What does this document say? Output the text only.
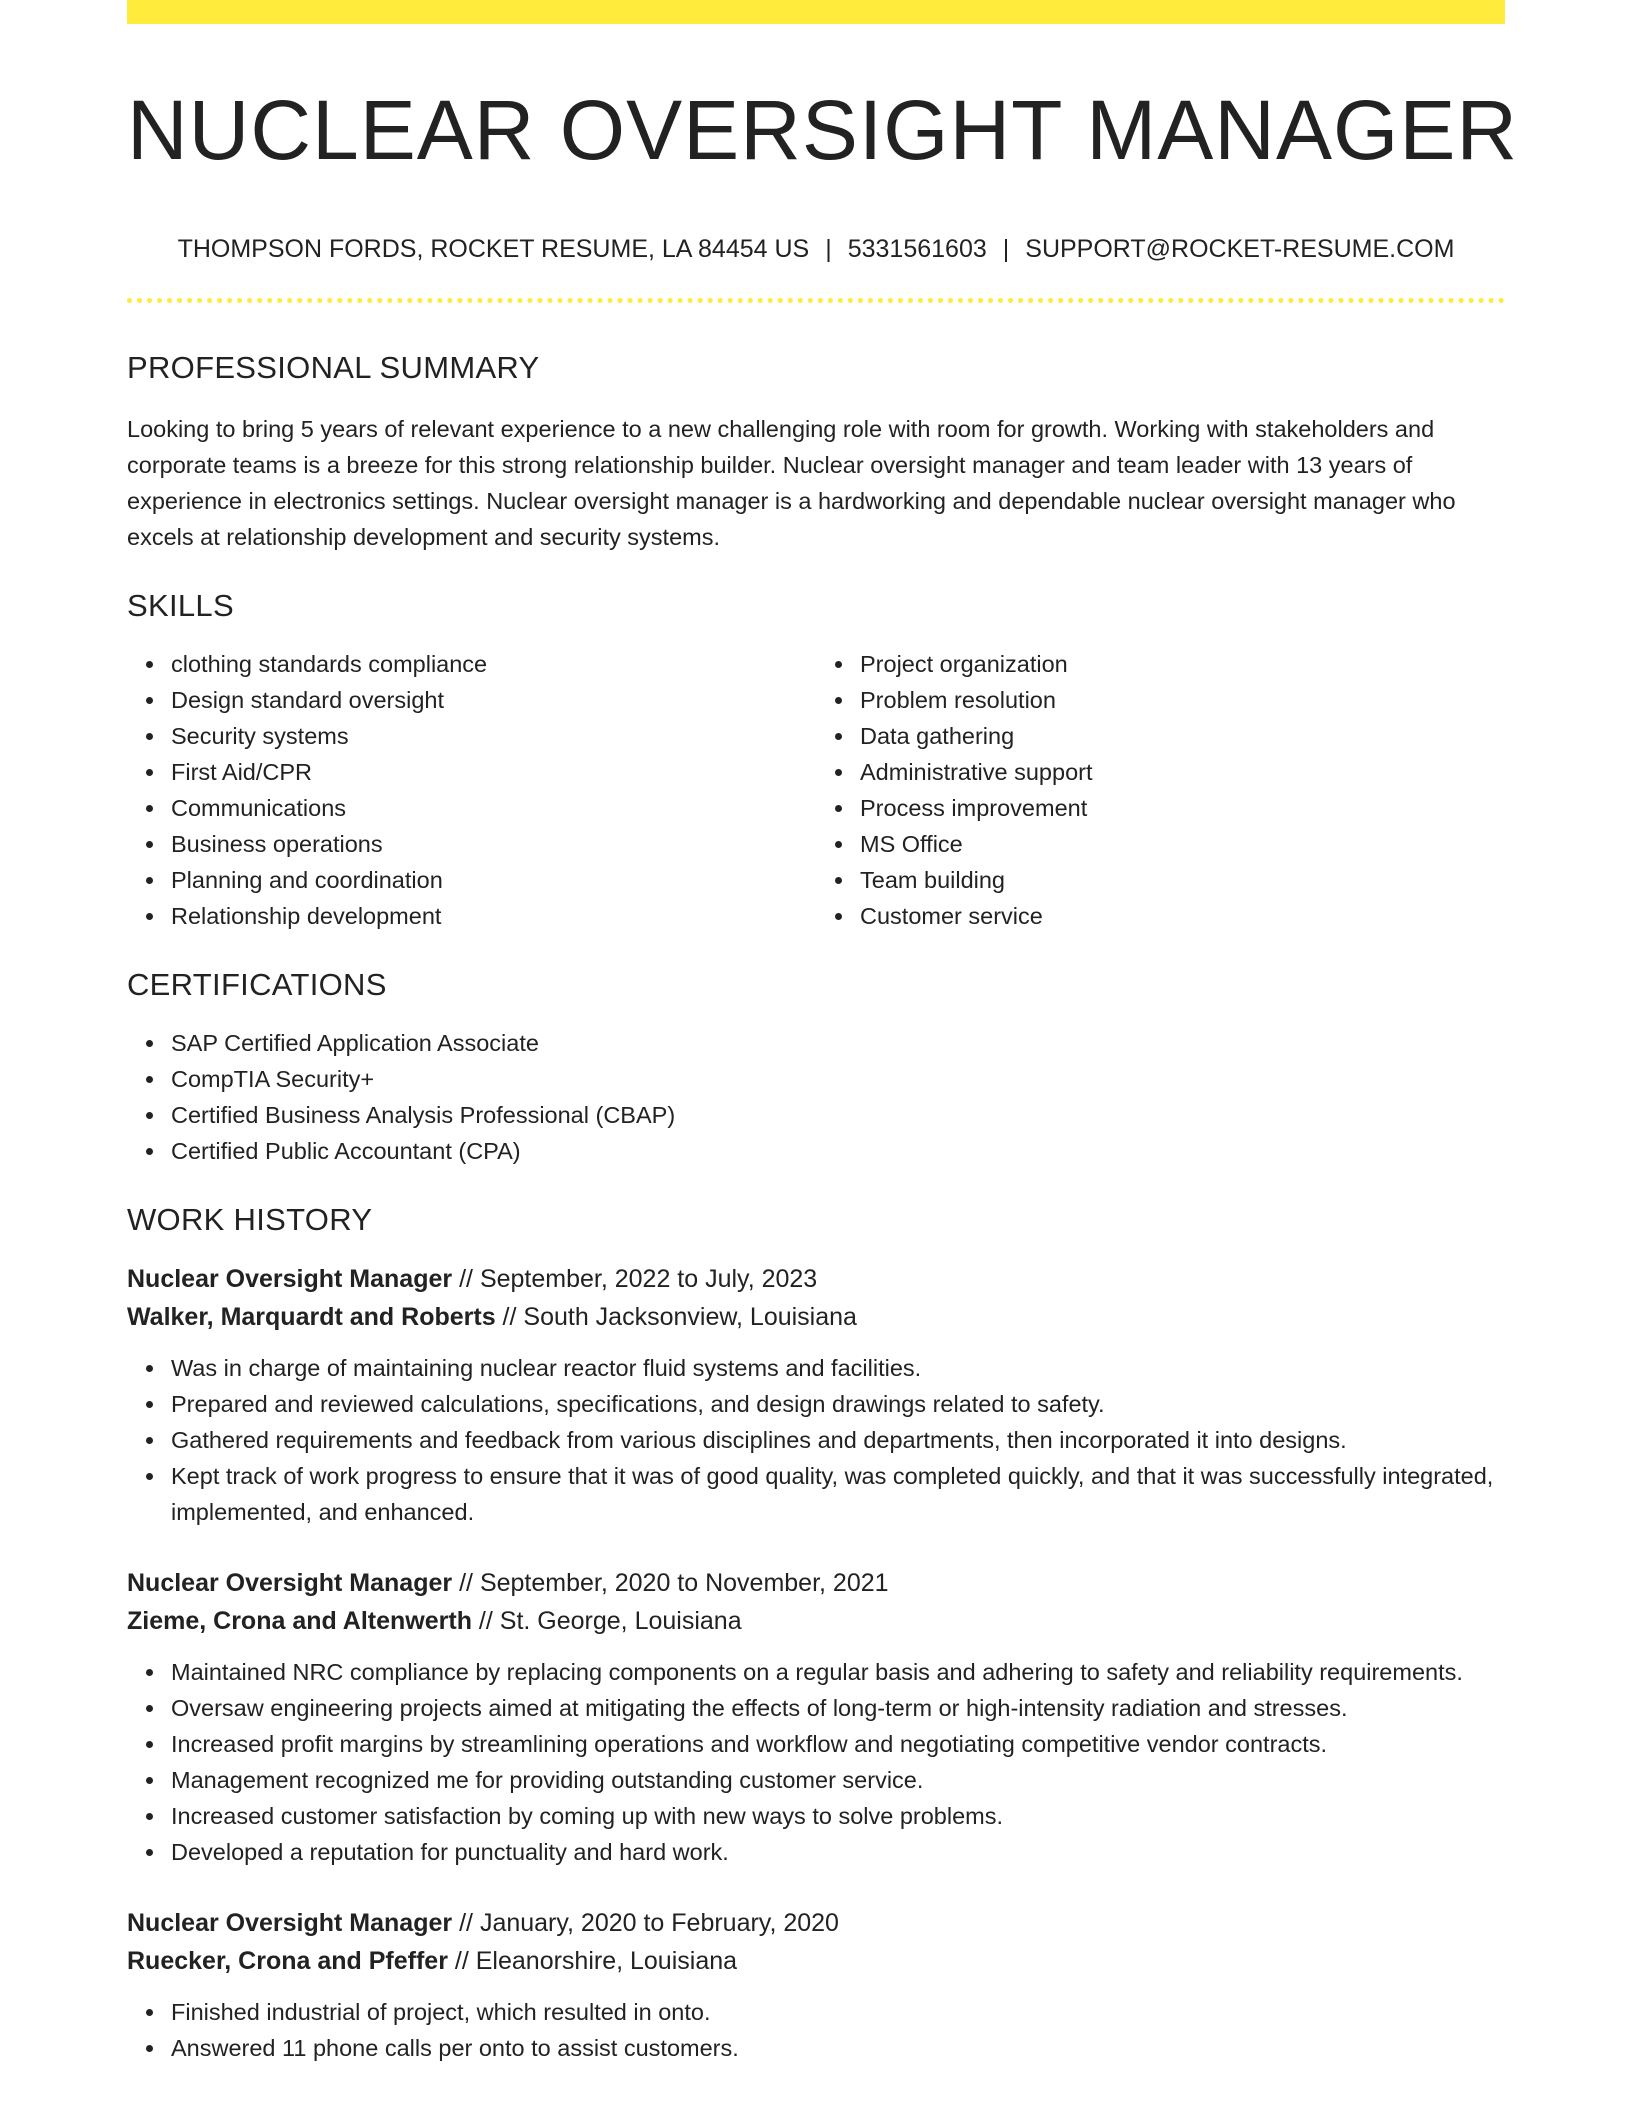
NUCLEAR OVERSIGHT MANAGER
THOMPSON FORDS, ROCKET RESUME, LA 84454 US | 5331561603 | SUPPORT@ROCKET-RESUME.COM
PROFESSIONAL SUMMARY

Looking to bring 5 years of relevant experience to a new challenging role with room for growth. Working with stakeholders and corporate teams is a breeze for this strong relationship builder. Nuclear oversight manager and team leader with 13 years of experience in electronics settings. Nuclear oversight manager is a hardworking and dependable nuclear oversight manager who excels at relationship development and security systems.

SKILLS
clothing standards compliance
Design standard oversight
Security systems
First Aid/CPR
Communications
Business operations
Planning and coordination
Relationship development
Project organization
Problem resolution
Data gathering
Administrative support
Process improvement
MS Office
Team building
Customer service
CERTIFICATIONS
SAP Certified Application Associate
CompTIA Security+
Certified Business Analysis Professional (CBAP)
Certified Public Accountant (CPA)
WORK HISTORY
Nuclear Oversight Manager // September, 2022 to July, 2023
Walker, Marquardt and Roberts // South Jacksonview, Louisiana
Was in charge of maintaining nuclear reactor fluid systems and facilities.
Prepared and reviewed calculations, specifications, and design drawings related to safety.
Gathered requirements and feedback from various disciplines and departments, then incorporated it into designs.
Kept track of work progress to ensure that it was of good quality, was completed quickly, and that it was successfully integrated, implemented, and enhanced.
Nuclear Oversight Manager // September, 2020 to November, 2021
Zieme, Crona and Altenwerth // St. George, Louisiana
Maintained NRC compliance by replacing components on a regular basis and adhering to safety and reliability requirements.
Oversaw engineering projects aimed at mitigating the effects of long-term or high-intensity radiation and stresses.
Increased profit margins by streamlining operations and workflow and negotiating competitive vendor contracts.
Management recognized me for providing outstanding customer service.
Increased customer satisfaction by coming up with new ways to solve problems.
Developed a reputation for punctuality and hard work.
Nuclear Oversight Manager // January, 2020 to February, 2020
Ruecker, Crona and Pfeffer // Eleanorshire, Louisiana
Finished industrial of project, which resulted in onto.
Answered 11 phone calls per onto to assist customers.
